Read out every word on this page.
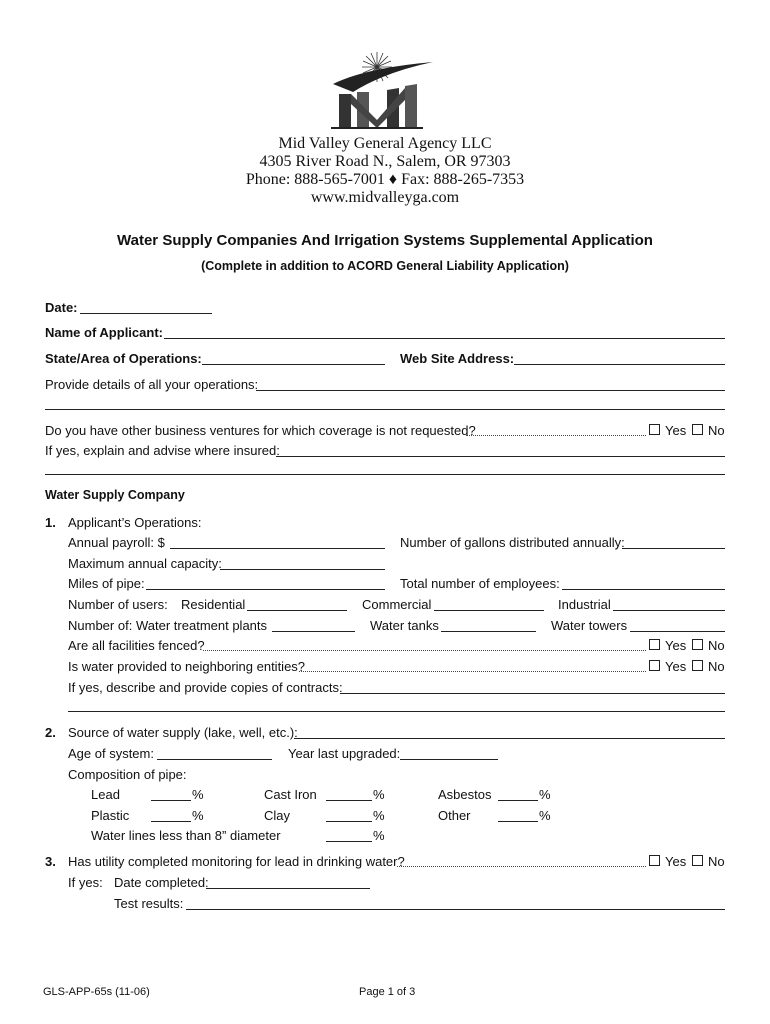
Mid Valley General Agency LLC
4305 River Road N., Salem, OR 97303
Phone: 888-565-7001 ♦ Fax: 888-265-7353
www.midvalleyga.com
Water Supply Companies And Irrigation Systems Supplemental Application
(Complete in addition to ACORD General Liability Application)
Date:
Name of Applicant:
State/Area of Operations:	Web Site Address:
Provide details of all your operations:
Do you have other business ventures for which coverage is not requested?	Yes No
If yes, explain and advise where insured:
Water Supply Company
1. Applicant’s Operations:
Annual payroll: $	Number of gallons distributed annually:
Maximum annual capacity:
Miles of pipe:	Total number of employees:
Number of users: Residential	Commercial	Industrial
Number of: Water treatment plants	Water tanks	Water towers
Are all facilities fenced?	Yes No
Is water provided to neighboring entities?	Yes No
If yes, describe and provide copies of contracts:
2. Source of water supply (lake, well, etc.):
Age of system:	Year last upgraded:
Composition of pipe:
Lead	%	Cast Iron	%	Asbestos	%
Plastic	%	Clay	%	Other	%
Water lines less than 8” diameter	%
3. Has utility completed monitoring for lead in drinking water?	Yes No
If yes: Date completed:
Test results:
GLS-APP-65s (11-06)	Page 1 of 3
